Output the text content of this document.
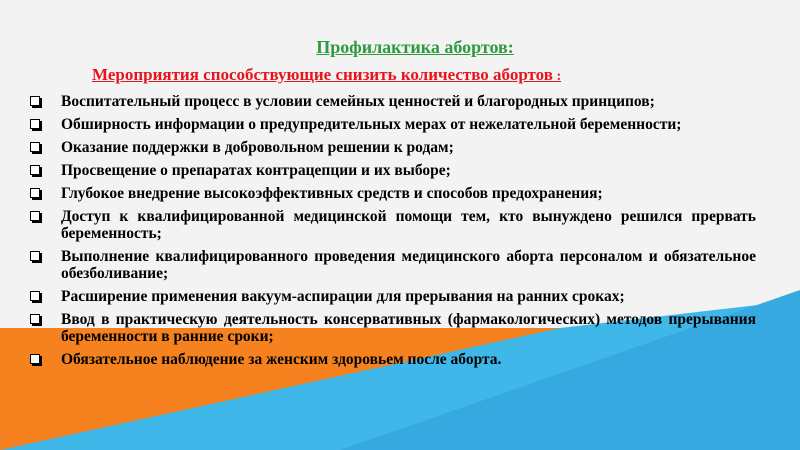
Профилактика абортов:
Мероприятия способствующие снизить количество абортов :
Воспитательный процесс в условии семейных ценностей и благородных принципов;
Обширность информации о предупредительных мерах от нежелательной беременности;
Оказание поддержки в добровольном решении к родам;
Просвещение о препаратах контрацепции и их выборе;
Глубокое внедрение высокоэффективных средств и способов предохранения;
Доступ к квалифицированной медицинской помощи тем, кто вынуждено решился прервать беременность;
Выполнение квалифицированного проведения медицинского аборта персоналом и обязательное обезболивание;
Расширение применения вакуум-аспирации для прерывания на ранних сроках;
Ввод в практическую деятельность консервативных (фармакологических) методов прерывания беременности в ранние сроки;
Обязательное наблюдение за женским здоровьем после аборта.
